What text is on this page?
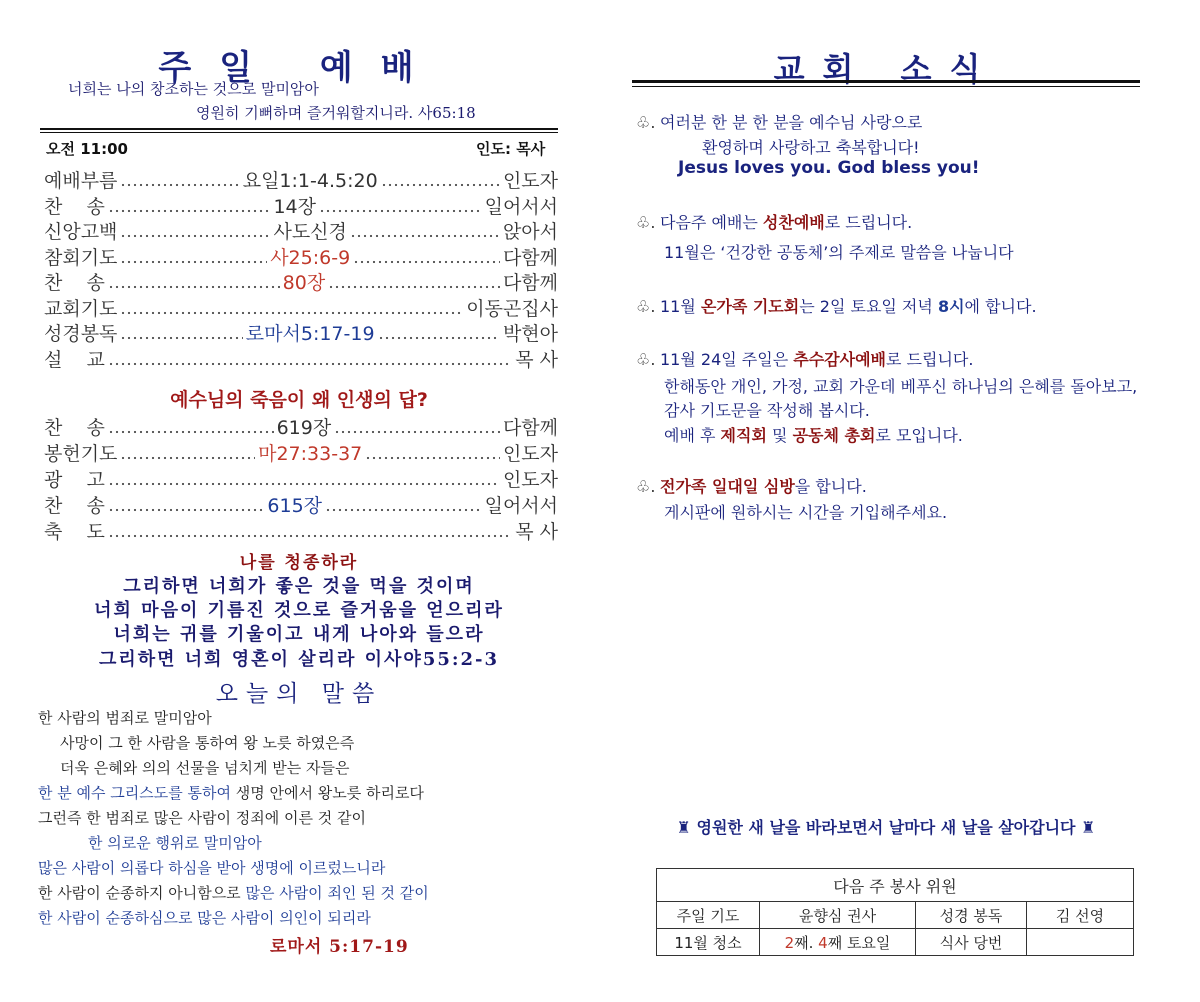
주일 예배
너희는 나의 창조하는 것으로 말미암아
영원히 기뻐하며 즐거워할지니라. 사65:18
오전 11:00	인도: 목사
예배부름	요일1:1-4.5:20	인도자
찬    송	14장	일어서서
신앙고백	사도신경	앉아서
참회기도	사25:6-9	다함께
찬    송	80장	다함께
교회기도	이동곤집사
성경봉독	로마서5:17-19	박현아
설    교	목 사
예수님의 죽음이 왜 인생의 답?
찬    송	619장	다함께
봉헌기도	마27:33-37	인도자
광    고	인도자
찬    송	615장	일어서서
축    도	목 사
나를 청종하라
그리하면 너희가 좋은 것을 먹을 것이며
너희 마음이 기름진 것으로 즐거움을 얻으리라
너희는 귀를 기울이고 내게 나아와 들으라
그리하면 너희 영혼이 살리라 이사야55:2-3
오늘의 말씀
한 사람의 범죄로 말미암아
사망이 그 한 사람을 통하여 왕 노릇 하였은즉
더욱 은혜와 의의 선물을 넘치게 받는 자들은
한 분 예수 그리스도를 통하여 생명 안에서 왕노릇 하리로다
그런즉 한 범죄로 많은 사람이 정죄에 이른 것 같이
한 의로운 행위로 말미암아
많은 사람이 의롭다 하심을 받아 생명에 이르렀느니라
한 사람이 순종하지 아니함으로 많은 사람이 죄인 된 것 같이
한 사람이 순종하심으로 많은 사람이 의인이 되리라
로마서 5:17-19
교회 소식
♧. 여러분 한 분 한 분을 예수님 사랑으로
환영하며 사랑하고 축복합니다!
Jesus loves you. God bless you!
♧. 다음주 예배는 성찬예배로 드립니다.
11월은 ‘건강한 공동체’의 주제로 말씀을 나눕니다
♧. 11월 온가족 기도회는 2일 토요일 저녁 8시에 합니다.
♧. 11월 24일 주일은 추수감사예배로 드립니다.
한해동안 개인, 가정, 교회 가운데 베푸신 하나님의 은혜를 돌아보고,
감사 기도문을 작성해 봅시다.
예배 후 제직회 및 공동체 총회로 모입니다.
♧. 전가족 일대일 심방을 합니다.
게시판에 원하시는 시간을 기입해주세요.
♜ 영원한 새 날을 바라보면서 날마다 새 날을 살아갑니다 ♜
다음 주 봉사 위원			
주일 기도	윤향심 권사	성경 봉독	김 선영
11월 청소	2째. 4째 토요일	식사 당번	
